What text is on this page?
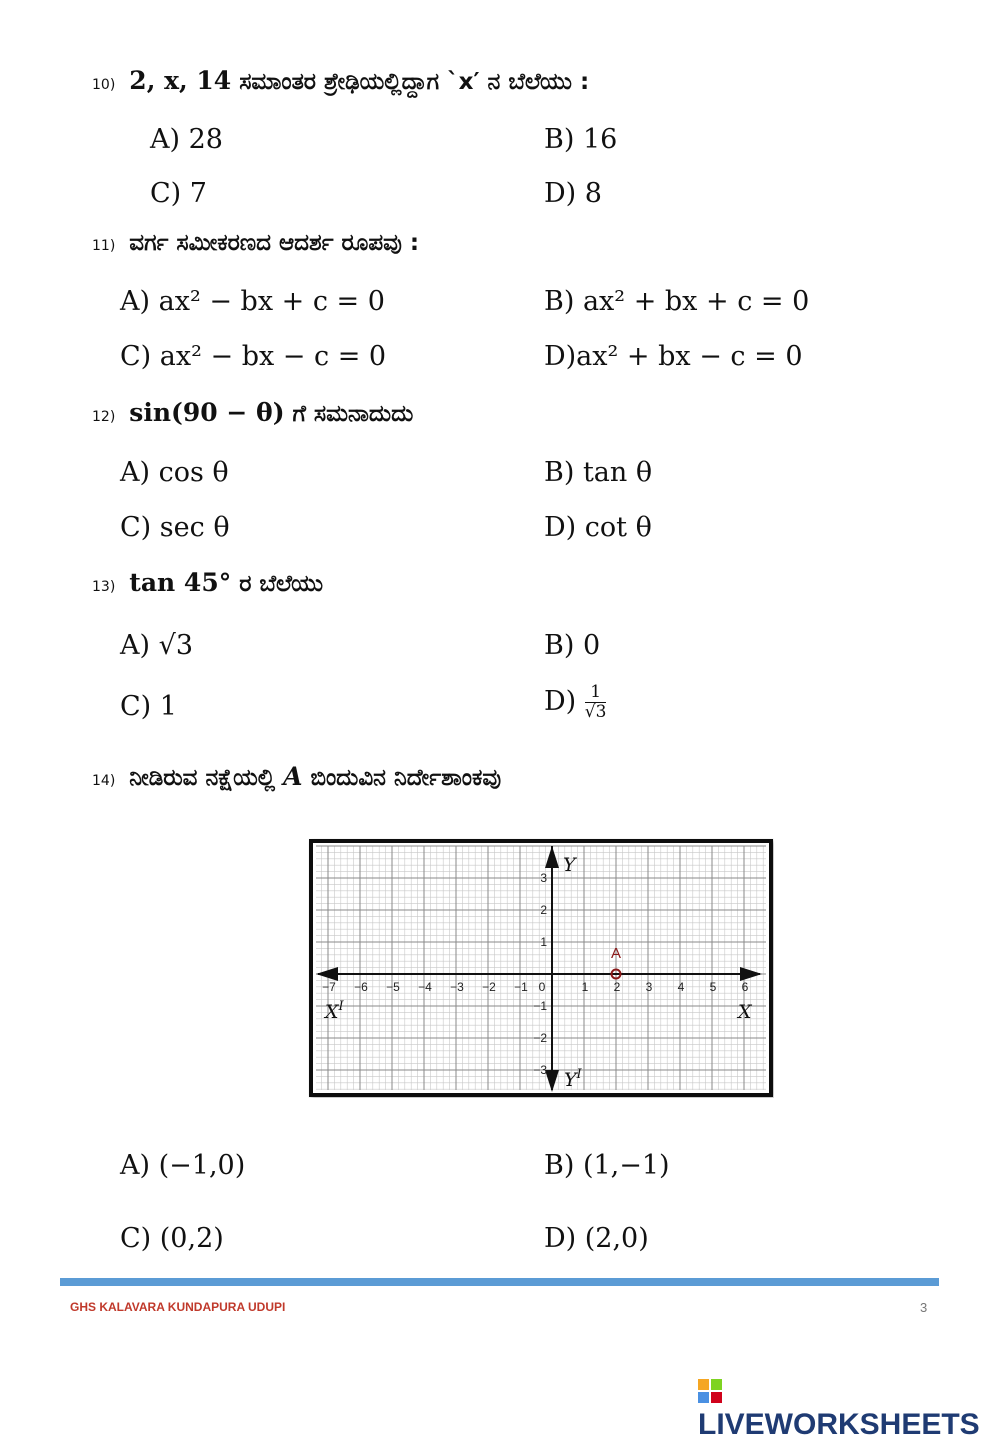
10) 2, x, 14 ಸಮಾಂತರ ಶ್ರೇಢಿಯಲ್ಲಿದ್ದಾಗ `x′ ನ ಬೆಲೆಯು :
A) 28	B) 16
C) 7	D) 8
11) ವರ್ಗ ಸಮೀಕರಣದ ಆದರ್ಶ ರೂಪವು :
A) ax² − bx + c = 0	B) ax² + bx + c = 0
C) ax² − bx − c = 0	D)ax² + bx − c = 0
12) sin(90 − θ) ಗೆ ಸಮನಾದುದು
A) cos θ	B) tan θ
C) sec θ	D) cot θ
13) tan 45° ರ ಬೆಲೆಯು
A) √3	B) 0
C) 1	$D) \frac{1}{√3}$
14) ನೀಡಿರುವ ನಕ್ಷೆಯಲ್ಲಿ A ಬಿಂದುವಿನ ನಿರ್ದೇಶಾಂಕವು
−7 −6 −5 −4 −3 −2 −1 0	1 2 3 4 5 6
3
2
1
−1
−2
−3
X
$X^I$
Y
$Y^I$
A
A) (−1,0)	B) (1,−1)
C) (0,2)	D) (2,0)
GHS KALAVARA KUNDAPURA UDUPI	3
LIVEWORKSHEETS
